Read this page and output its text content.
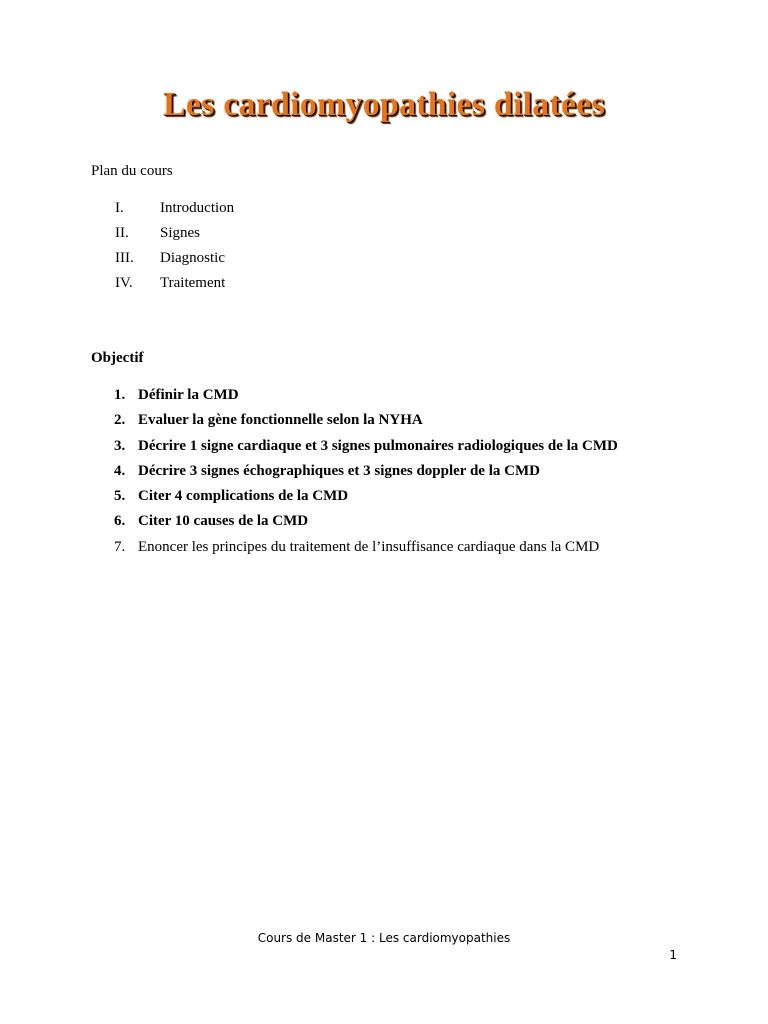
Les cardiomyopathies dilatées
Plan du cours
I.	Introduction
II.	Signes
III.	Diagnostic
IV.	Traitement
Objectif
1. Définir la CMD
2. Evaluer la gène fonctionnelle selon la NYHA
3. Décrire 1 signe cardiaque et 3 signes pulmonaires radiologiques de la CMD
4. Décrire 3 signes échographiques et 3 signes doppler de la CMD
5. Citer 4 complications de la CMD
6. Citer 10 causes de la CMD
7. Enoncer les principes du traitement de l’insuffisance cardiaque dans la CMD
Cours de Master 1 : Les cardiomyopathies
1
